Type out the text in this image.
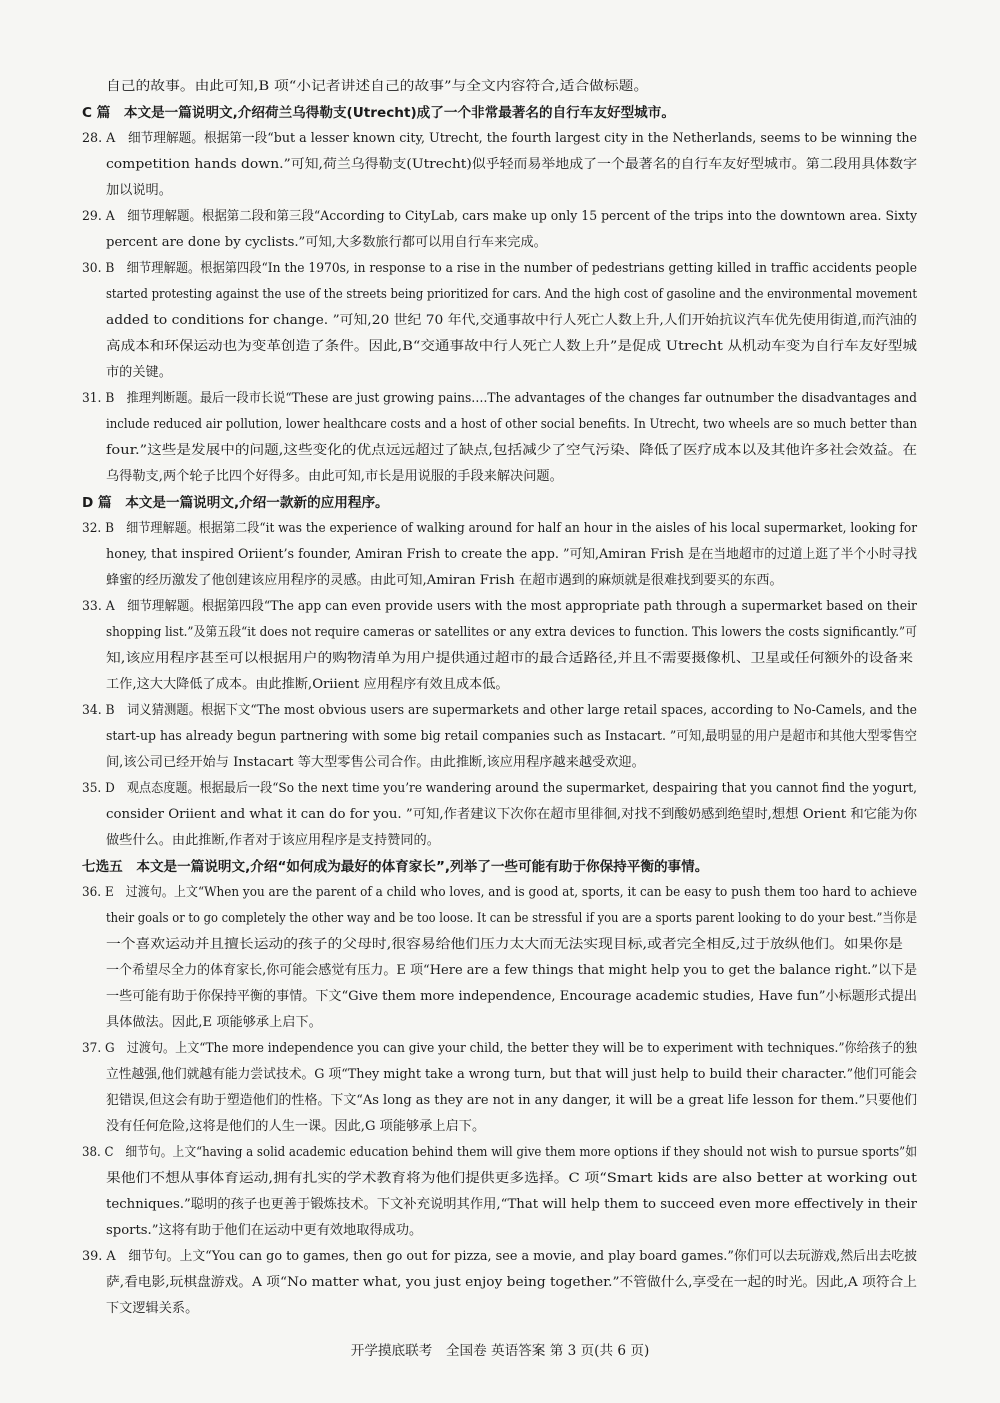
自己的故事。由此可知,B 项“小记者讲述自己的故事”与全文内容符合,适合做标题。
C 篇　本文是一篇说明文,介绍荷兰乌得勒支(Utrecht)成了一个非常最著名的自行车友好型城市。
28. A　细节理解题。根据第一段“but a lesser known city, Utrecht, the fourth largest city in the Netherlands, seems to be winning the
competition hands down.”可知,荷兰乌得勒支(Utrecht)似乎轻而易举地成了一个最著名的自行车友好型城市。第二段用具体数字
加以说明。
29. A　细节理解题。根据第二段和第三段“According to CityLab, cars make up only 15 percent of the trips into the downtown area. Sixty
percent are done by cyclists.”可知,大多数旅行都可以用自行车来完成。
30. B　细节理解题。根据第四段“In the 1970s, in response to a rise in the number of pedestrians getting killed in traffic accidents people
started protesting against the use of the streets being prioritized for cars. And the high cost of gasoline and the environmental movement
added to conditions for change. ”可知,20 世纪 70 年代,交通事故中行人死亡人数上升,人们开始抗议汽车优先使用街道,而汽油的
高成本和环保运动也为变革创造了条件。因此,B“交通事故中行人死亡人数上升”是促成 Utrecht 从机动车变为自行车友好型城
市的关键。
31. B　推理判断题。最后一段市长说“These are just growing pains….The advantages of the changes far outnumber the disadvantages and
include reduced air pollution, lower healthcare costs and a host of other social benefits. In Utrecht, two wheels are so much better than
four.”这些是发展中的问题,这些变化的优点远远超过了缺点,包括减少了空气污染、降低了医疗成本以及其他许多社会效益。在
乌得勒支,两个轮子比四个好得多。由此可知,市长是用说服的手段来解决问题。
D 篇　本文是一篇说明文,介绍一款新的应用程序。
32. B　细节理解题。根据第二段“it was the experience of walking around for half an hour in the aisles of his local supermarket, looking for
honey, that inspired Oriient’s founder, Amiran Frish to create the app. ”可知,Amiran Frish 是在当地超市的过道上逛了半个小时寻找
蜂蜜的经历激发了他创建该应用程序的灵感。由此可知,Amiran Frish 在超市遇到的麻烦就是很难找到要买的东西。
33. A　细节理解题。根据第四段“The app can even provide users with the most appropriate path through a supermarket based on their
shopping list.”及第五段“it does not require cameras or satellites or any extra devices to function. This lowers the costs significantly.”可
知,该应用程序甚至可以根据用户的购物清单为用户提供通过超市的最合适路径,并且不需要摄像机、卫星或任何额外的设备来
工作,这大大降低了成本。由此推断,Oriient 应用程序有效且成本低。
34. B　词义猜测题。根据下文“The most obvious users are supermarkets and other large retail spaces, according to No-Camels, and the
start-up has already begun partnering with some big retail companies such as Instacart. ”可知,最明显的用户是超市和其他大型零售空
间,该公司已经开始与 Instacart 等大型零售公司合作。由此推断,该应用程序越来越受欢迎。
35. D　观点态度题。根据最后一段“So the next time you’re wandering around the supermarket, despairing that you cannot find the yogurt,
consider Oriient and what it can do for you. ”可知,作者建议下次你在超市里徘徊,对找不到酸奶感到绝望时,想想 Orient 和它能为你
做些什么。由此推断,作者对于该应用程序是支持赞同的。
七选五　本文是一篇说明文,介绍“如何成为最好的体育家长”,列举了一些可能有助于你保持平衡的事情。
36. E　过渡句。上文“When you are the parent of a child who loves, and is good at, sports, it can be easy to push them too hard to achieve
their goals or to go completely the other way and be too loose. It can be stressful if you are a sports parent looking to do your best.”当你是
一个喜欢运动并且擅长运动的孩子的父母时,很容易给他们压力太大而无法实现目标,或者完全相反,过于放纵他们。如果你是
一个希望尽全力的体育家长,你可能会感觉有压力。E 项“Here are a few things that might help you to get the balance right.”以下是
一些可能有助于你保持平衡的事情。下文“Give them more independence, Encourage academic studies, Have fun”小标题形式提出
具体做法。因此,E 项能够承上启下。
37. G　过渡句。上文“The more independence you can give your child, the better they will be to experiment with techniques.”你给孩子的独
立性越强,他们就越有能力尝试技术。G 项“They might take a wrong turn, but that will just help to build their character.”他们可能会
犯错误,但这会有助于塑造他们的性格。下文“As long as they are not in any danger, it will be a great life lesson for them.”只要他们
没有任何危险,这将是他们的人生一课。因此,G 项能够承上启下。
38. C　细节句。上文“having a solid academic education behind them will give them more options if they should not wish to pursue sports”如
果他们不想从事体育运动,拥有扎实的学术教育将为他们提供更多选择。C 项“Smart kids are also better at working out
techniques.”聪明的孩子也更善于锻炼技术。下文补充说明其作用,“That will help them to succeed even more effectively in their
sports.”这将有助于他们在运动中更有效地取得成功。
39. A　细节句。上文“You can go to games, then go out for pizza, see a movie, and play board games.”你们可以去玩游戏,然后出去吃披
萨,看电影,玩棋盘游戏。A 项“No matter what, you just enjoy being together.”不管做什么,享受在一起的时光。因此,A 项符合上
下文逻辑关系。
开学摸底联考　全国卷 英语答案 第 3 页(共 6 页)
